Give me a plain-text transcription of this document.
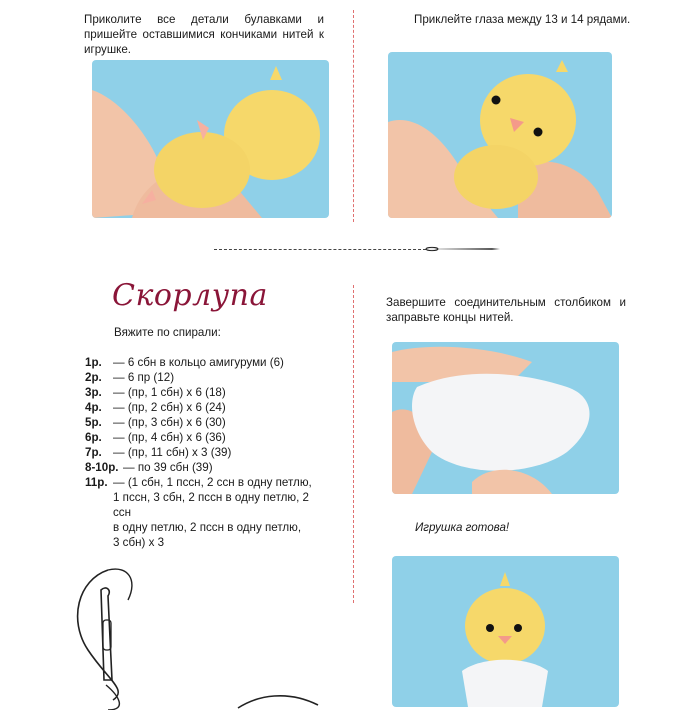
Приколите все детали булавками и пришейте оставшимися кончиками нитей к игрушке.
Приклейте глаза между 13 и 14 рядами.
Скорлупа
Вяжите по спирали:
1р. — 6 сбн в кольцо амигуруми (6)
2р. — 6 пр (12)
3р. — (пр, 1 сбн) х 6 (18)
4р. — (пр, 2 сбн) х 6 (24)
5р. — (пр, 3 сбн) х 6 (30)
6р. — (пр, 4 сбн) х 6 (36)
7р. — (пр, 11 сбн) х 3 (39)
8-10р. — по 39 сбн (39)
11р. — (1 сбн, 1 пссн, 2 ссн в одну петлю,
1 пссн, 3 сбн, 2 пссн в одну петлю, 2 ссн
в одну петлю, 2 пссн в одну петлю,
3 сбн) х 3
Завершите соединительным столбиком и заправьте концы нитей.
Игрушка готова!
